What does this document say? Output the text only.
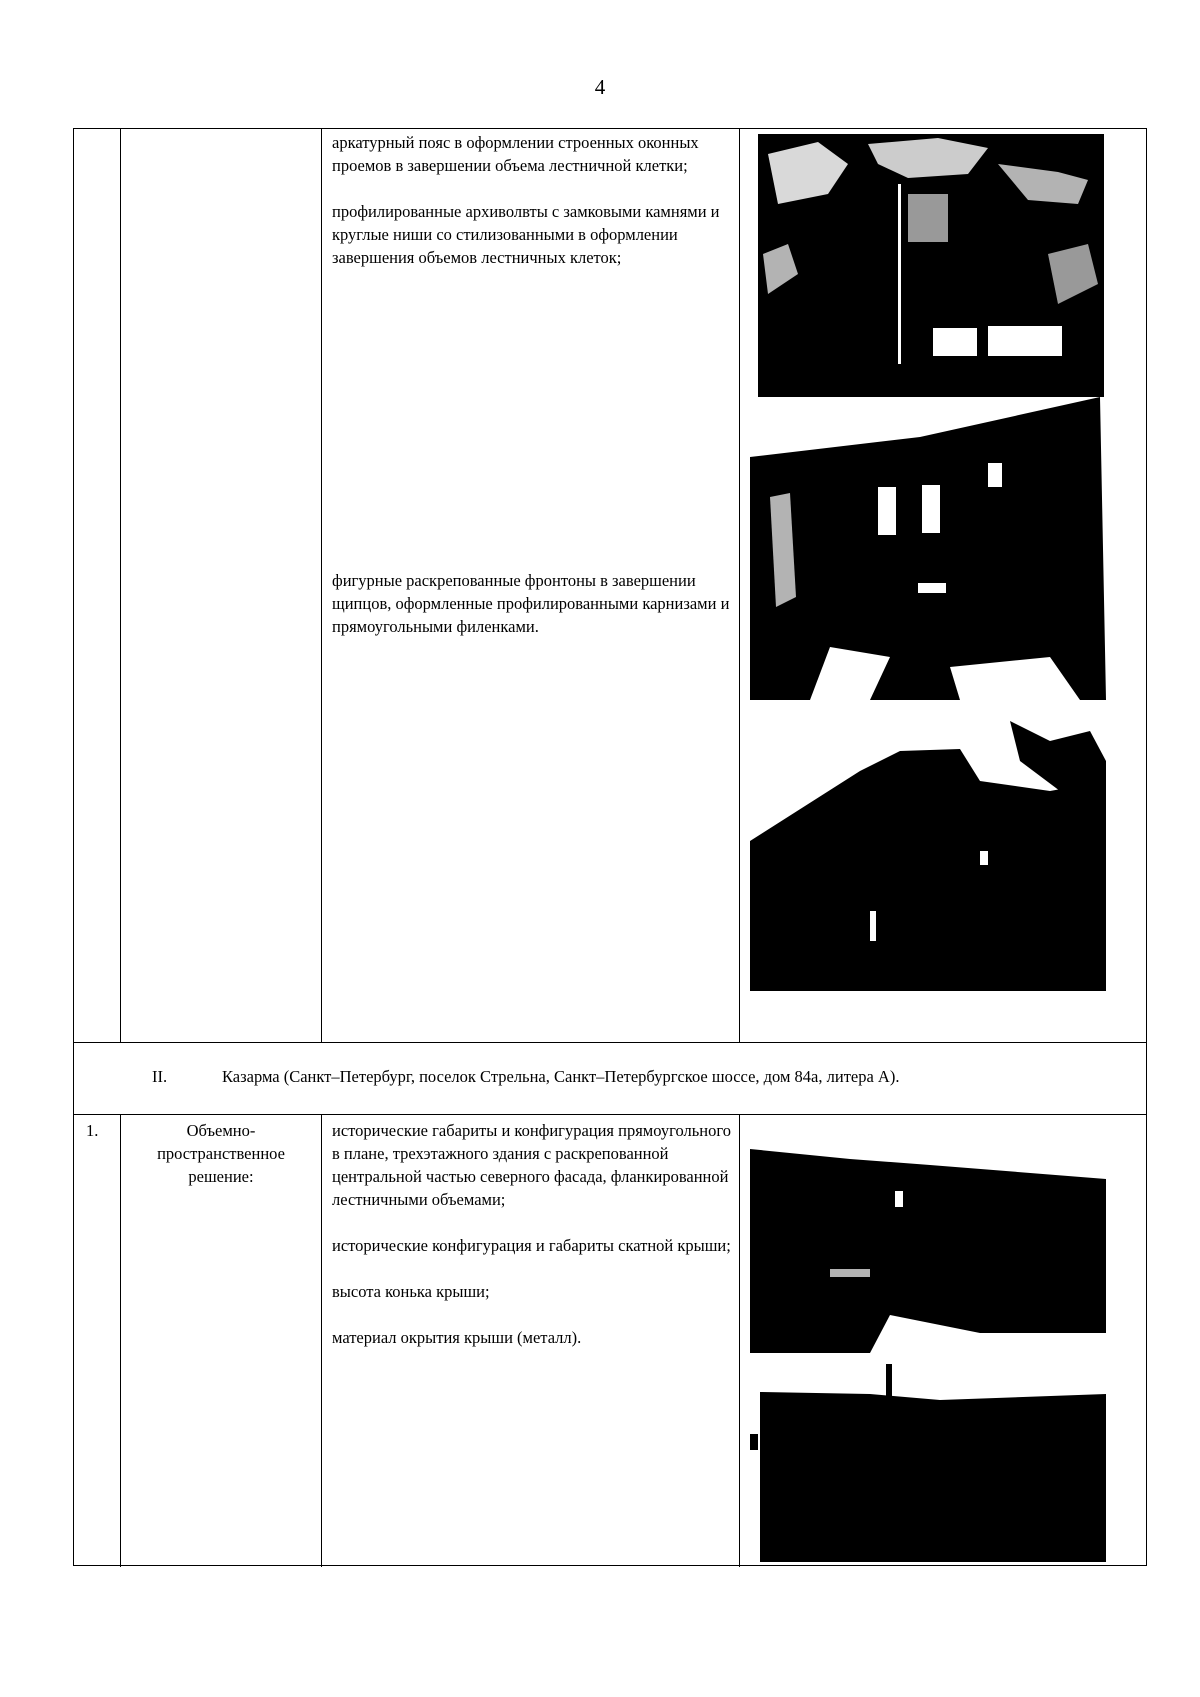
4

аркатурный пояс в оформлении строенных оконных проемов в завершении объема лестничной клетки;

профилированные архиволвты с замковыми камнями и круглые ниши со стилизованными в оформлении завершения объемов лестничных клеток;

фигурные раскрепованные фронтоны в завершении щипцов, оформленные профилированными карнизами и прямоугольными филенками.

II.	Казарма (Санкт–Петербург, поселок Стрельна, Санкт–Петербургское шоссе, дом 84а, литера А).
1.	Объемно-пространственное решение:

исторические габариты и конфигурация прямоугольного в плане, трехэтажного здания с раскрепованной центральной частью северного фасада, фланкированной лестничными объемами;

исторические конфигурация и габариты скатной крыши;

высота конька крыши;

материал окрытия крыши (металл).
